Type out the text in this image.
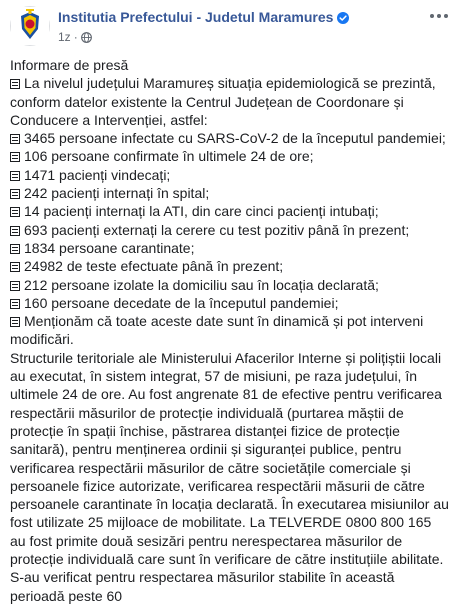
Institutia Prefectului - Judetul Maramures
1z ·

Informare de presă

La nivelul județului Maramureș situația epidemiologică se prezintă, conform datelor existente la Centrul Județean de Coordonare și Conducere a Intervenției, astfel:

3465 persoane infectate cu SARS-CoV-2 de la începutul pandemiei;
106 persoane confirmate în ultimele 24 de ore;
1471 pacienți vindecați;
242 pacienți internați în spital;
14 pacienți internați la ATI, din care cinci pacienți intubați;
693 pacienți externați la cerere cu test pozitiv până în prezent;
1834 persoane carantinate;
24982 de teste efectuate până în prezent;
212 persoane izolate la domiciliu sau în locația declarată;
160 persoane decedate de la începutul pandemiei;
Menționăm că toate aceste date sunt în dinamică și pot interveni modificări.

Structurile teritoriale ale Ministerului Afacerilor Interne și polițiștii locali au executat, în sistem integrat, 57 de misiuni, pe raza județului, în ultimele 24 de ore. Au fost angrenate 81 de efective pentru verificarea respectării măsurilor de protecție individuală (purtarea măștii de protecție în spații închise, păstrarea distanței fizice de protecție sanitară), pentru menținerea ordinii și siguranței publice, pentru verificarea respectării măsurilor de către societățile comerciale și persoanele fizice autorizate, verificarea respectării măsurii de către persoanele carantinate în locația declarată. În executarea misiunilor au fost utilizate 25 mijloace de mobilitate. La TELVERDE 0800 800 165 au fost primite două sesizări pentru nerespectarea măsurilor de protecție individuală care sunt în verificare de către instituțiile abilitate. S-au verificat pentru respectarea măsurilor stabilite în această perioadă peste 60
